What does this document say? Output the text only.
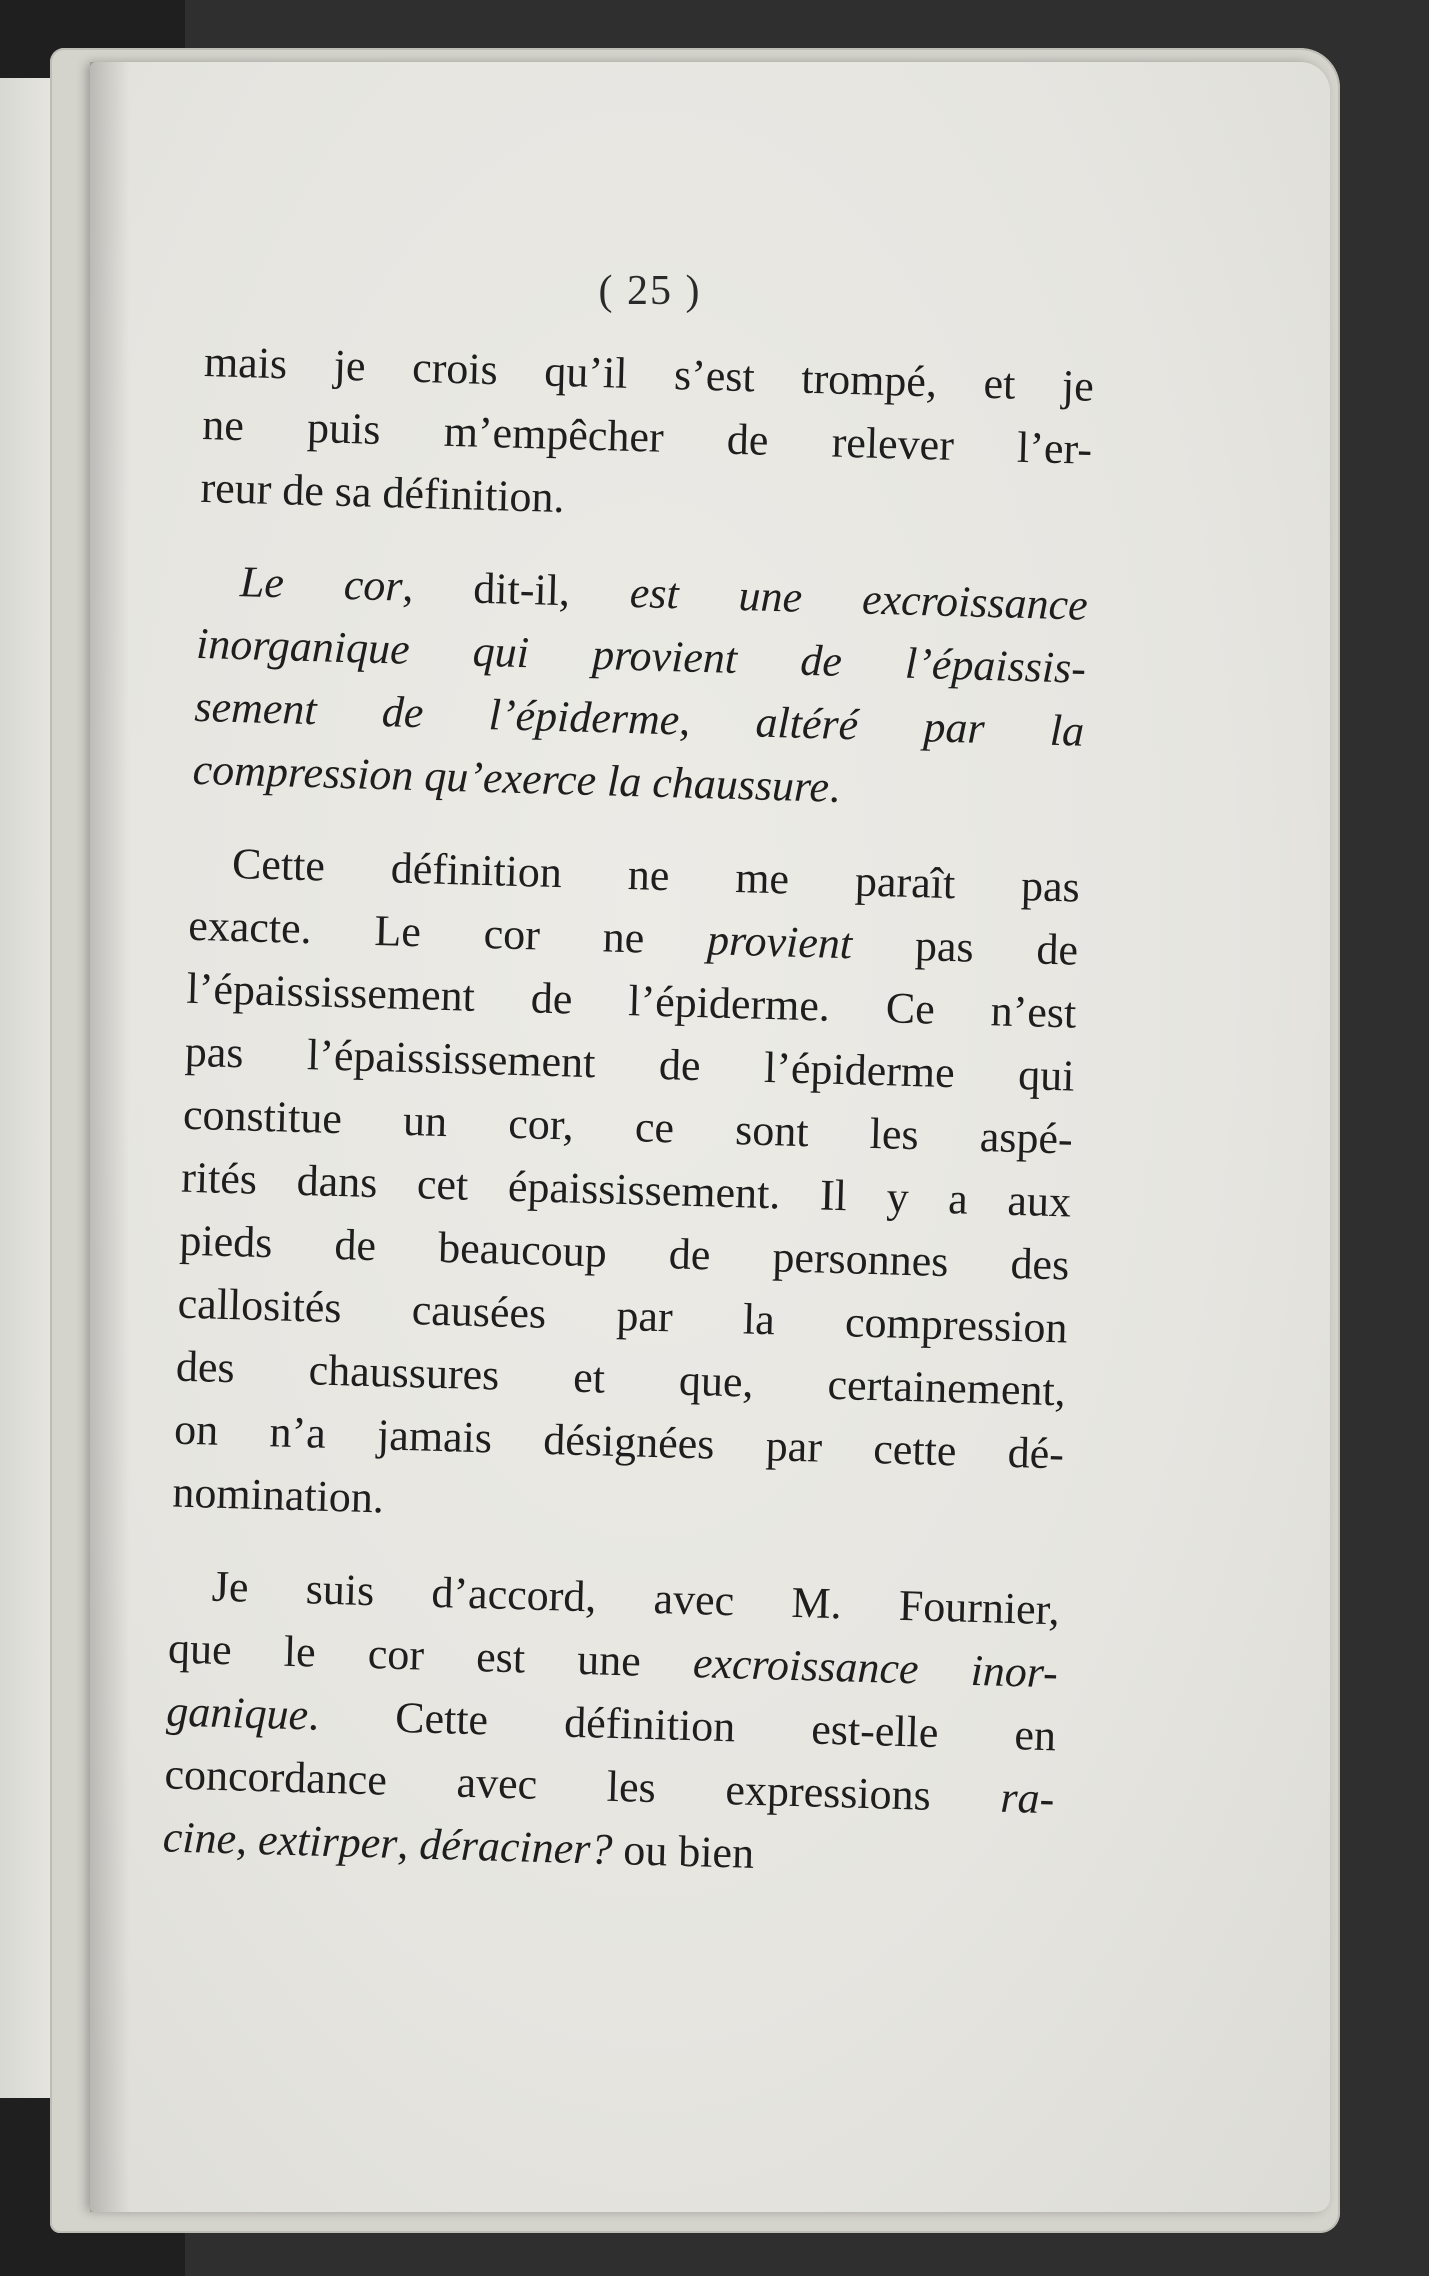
( 25 )
mais je crois qu’il s’est trompé, et je
ne puis m’empêcher de relever l’er-
reur de sa définition.
Le cor, dit-il, est une excroissance
inorganique qui provient de l’épaissis-
sement de l’épiderme, altéré par la
compression qu’exerce la chaussure.
Cette définition ne me paraît pas
exacte. Le cor ne provient pas de
l’épaississement de l’épiderme. Ce n’est
pas l’épaississement de l’épiderme qui
constitue un cor, ce sont les aspé-
rités dans cet épaississement. Il y a aux
pieds de beaucoup de personnes des
callosités causées par la compression
des chaussures et que, certainement,
on n’a jamais désignées par cette dé-
nomination.
Je suis d’accord, avec M. Fournier,
que le cor est une excroissance inor-
ganique. Cette définition est-elle en
concordance avec les expressions ra-
cine, extirper, déraciner? ou bien
